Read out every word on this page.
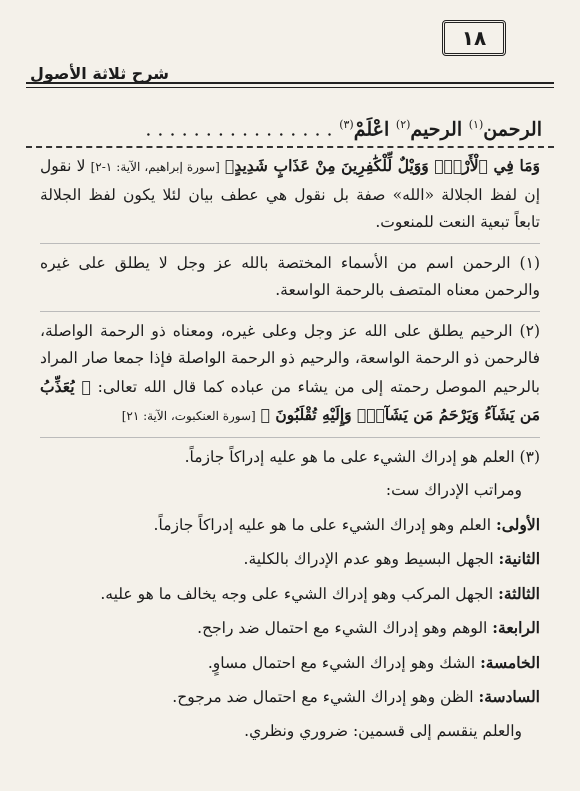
شرح ثلاثة الأصول
١٨
الرحمن$^{(١)}$ الرحيم$^{(٢)}$ اعْلَمْ$^{(٣)}$ . . . . . . . . . . . . . . . .

وَمَا فِي ٱلْأَرْضِۗ وَوَيْلٌ لِّلْكَٰفِرِينَ مِنْ عَذَابٍ شَدِيدٍ﴾ [سورة إبراهيم، الآية: ١-٢] لا نقول إن لفظ الجلالة «الله» صفة بل نقول هي عطف بيان لئلا يكون لفظ الجلالة تابعاً تبعية النعت للمنعوت.

(١) الرحمن اسم من الأسماء المختصة بالله عز وجل لا يطلق على غيره والرحمن معناه المتصف بالرحمة الواسعة.

(٢) الرحيم يطلق على الله عز وجل وعلى غيره، ومعناه ذو الرحمة الواصلة، فالرحمن ذو الرحمة الواسعة، والرحيم ذو الرحمة الواصلة فإذا جمعا صار المراد بالرحيم الموصل رحمته إلى من يشاء من عباده كما قال الله تعالى: ﴿ يُعَذِّبُ مَن يَشَآءُ وَيَرْحَمُ مَن يَشَآءُۖ وَإِلَيْهِ تُقْلَبُونَ ﴾ [سورة العنكبوت، الآية: ٢١]

(٣) العلم هو إدراك الشيء على ما هو عليه إدراكاً جازماً.

ومراتب الإدراك ست:

الأولى: العلم وهو إدراك الشيء على ما هو عليه إدراكاً جازماً.

الثانية: الجهل البسيط وهو عدم الإدراك بالكلية.

الثالثة: الجهل المركب وهو إدراك الشيء على وجه يخالف ما هو عليه.

الرابعة: الوهم وهو إدراك الشيء مع احتمال ضد راجح.

الخامسة: الشك وهو إدراك الشيء مع احتمال مساوٍ.

السادسة: الظن وهو إدراك الشيء مع احتمال ضد مرجوح.

والعلم ينقسم إلى قسمين: ضروري ونظري.
